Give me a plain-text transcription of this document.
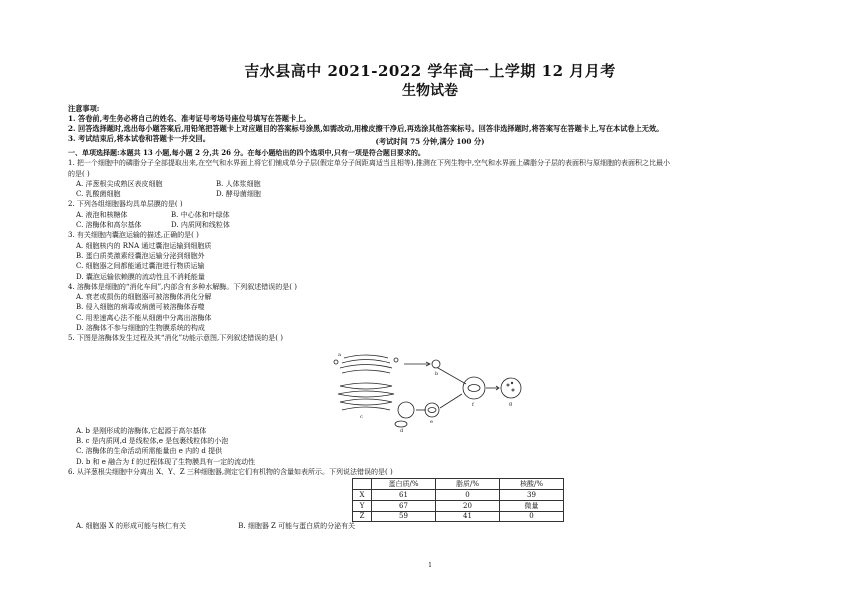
吉水县高中 2021-2022 学年高一上学期 12 月月考
生物试卷
注意事项:
1. 答卷前,考生务必将自己的姓名、准考证号考场号座位号填写在答题卡上。
2. 回答选择题时,选出每小题答案后,用铅笔把答题卡上对应题目的答案标号涂黑,如需改动,用橡皮擦干净后,再选涂其他答案标号。回答非选择题时,将答案写在答题卡上,写在本试卷上无效。
3. 考试结束后,将本试卷和答题卡一并交回。	(考试时间 75 分钟,满分 100 分)
一、单项选择题:本题共 13 小题,每小题 2 分,共 26 分。在每小题给出的四个选项中,只有一项是符合题目要求的。
1. 把一个细胞中的磷脂分子全部提取出来,在空气和水界面上将它们铺成单分子层(假定单分子间距离适当且相等),推测在下列生物中,空气和水界面上磷脂分子层的表面积与原细胞的表面积之比最小
的是( )
A. 洋葱根尖成熟区表皮细胞	B. 人体浆细胞
C. 乳酸菌细胞	D. 酵母菌细胞
2. 下列各组细胞器均具单层膜的是( )
A. 液泡和核糖体	B. 中心体和叶绿体
C. 溶酶体和高尔基体	D. 内质网和线粒体
3. 有关细胞内囊泡运输的描述,正确的是( )
A. 细胞核内的 RNA 通过囊泡运输到细胞质
B. 蛋白质类激素经囊泡运输分泌到细胞外
C. 细胞器之间都能通过囊泡进行物质运输
D. 囊泡运输依赖膜的流动性且不消耗能量
4. 溶酶体是细胞的“消化车间”,内部含有多种水解酶。下列叙述错误的是( )
A. 衰老或损伤的细胞器可被溶酶体消化分解
B. 侵入细胞的病毒或病菌可被溶酶体吞噬
C. 用差速离心法不能从细菌中分离出溶酶体
D. 溶酶体不参与细胞的生物膜系统的构成
5. 下图是溶酶体发生过程及其“消化”功能示意图,下列叙述错误的是( )
A. b 是刚形成的溶酶体,它起源于高尔基体
B. c 是内质网,d 是线粒体,e 是包裹线粒体的小泡
C. 溶酶体的生命活动所需能量由 e 内的 d 提供
D. b 和 e 融合为 f 的过程体现了生物膜具有一定的流动性
6. 从洋葱根尖细胞中分离出 X、Y、Z 三种细胞器,测定它们有机物的含量如表所示。下列说法错误的是( )
a
b
c
d
e
f	g
	蛋白质/%	脂质/%	核酸/%
X	61	0	39
Y	67	20	微量
Z	59	41	0
A. 细胞器 X 的形成可能与核仁有关	B. 细胞器 Z 可能与蛋白质的分泌有关
1
